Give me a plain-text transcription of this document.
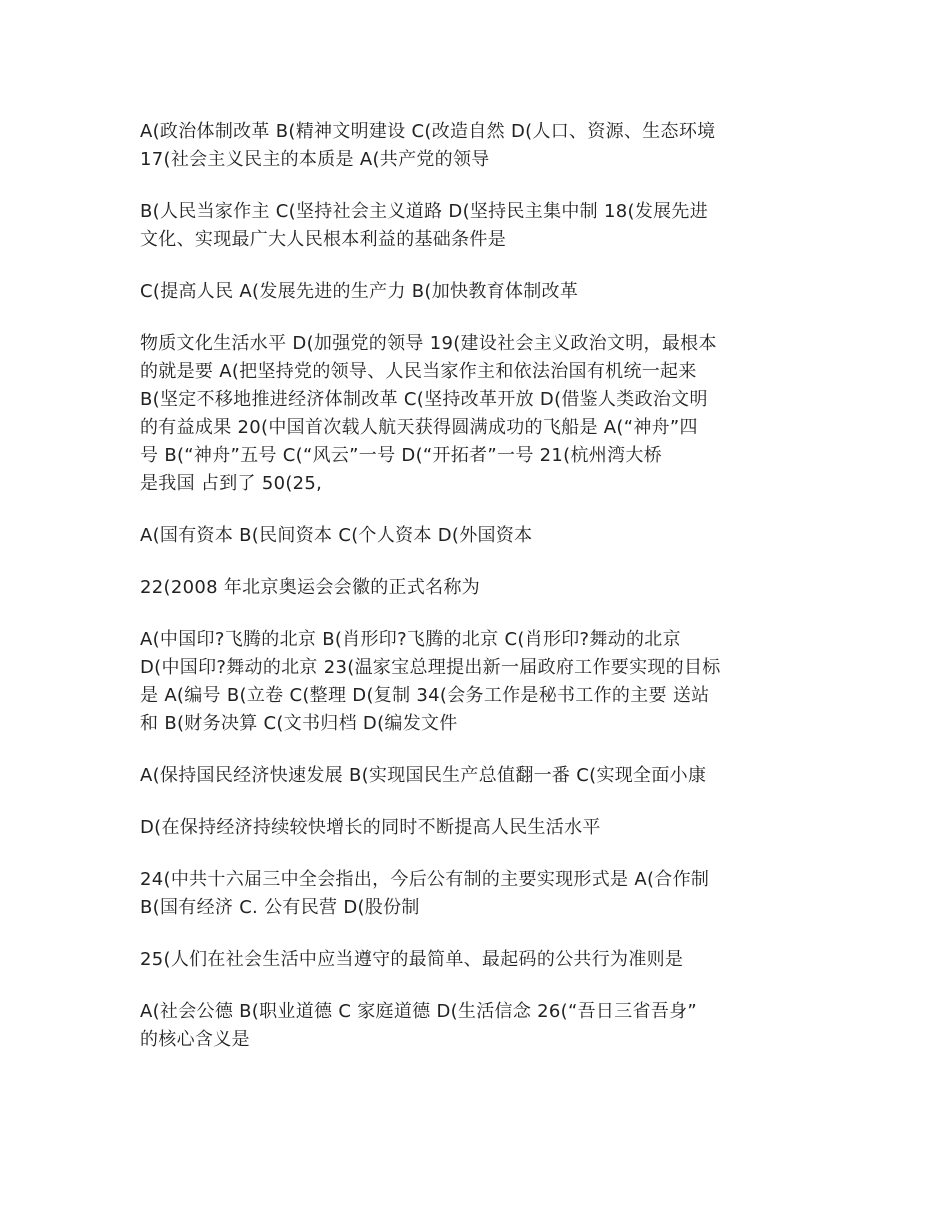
A(政治体制改革 B(精神文明建设 C(改造自然 D(人口、资源、生态环境
17(社会主义民主的本质是 A(共产党的领导
B(人民当家作主 C(坚持社会主义道路 D(坚持民主集中制 18(发展先进
文化、实现最广大人民根本利益的基础条件是
C(提高人民 A(发展先进的生产力 B(加快教育体制改革
物质文化生活水平 D(加强党的领导 19(建设社会主义政治文明，最根本
的就是要 A(把坚持党的领导、人民当家作主和依法治国有机统一起来
B(坚定不移地推进经济体制改革 C(坚持改革开放 D(借鉴人类政治文明
的有益成果 20(中国首次载人航天获得圆满成功的飞船是 A(“神舟”四
号 B(“神舟”五号 C(“风云”一号 D(“开拓者”一号 21(杭州湾大桥
是我国 占到了 50(25,
A(国有资本 B(民间资本 C(个人资本 D(外国资本
22(2008 年北京奥运会会徽的正式名称为
A(中国印?飞腾的北京 B(肖形印?飞腾的北京 C(肖形印?舞动的北京
D(中国印?舞动的北京 23(温家宝总理提出新一届政府工作要实现的目标
是 A(编号 B(立卷 C(整理 D(复制 34(会务工作是秘书工作的主要 送站
和 B(财务决算 C(文书归档 D(编发文件
A(保持国民经济快速发展 B(实现国民生产总值翻一番 C(实现全面小康
D(在保持经济持续较快增长的同时不断提高人民生活水平
24(中共十六届三中全会指出，今后公有制的主要实现形式是 A(合作制
B(国有经济 C. 公有民营 D(股份制
25(人们在社会生活中应当遵守的最简单、最起码的公共行为准则是
A(社会公德 B(职业道德 C 家庭道德 D(生活信念 26(“吾日三省吾身”
的核心含义是
